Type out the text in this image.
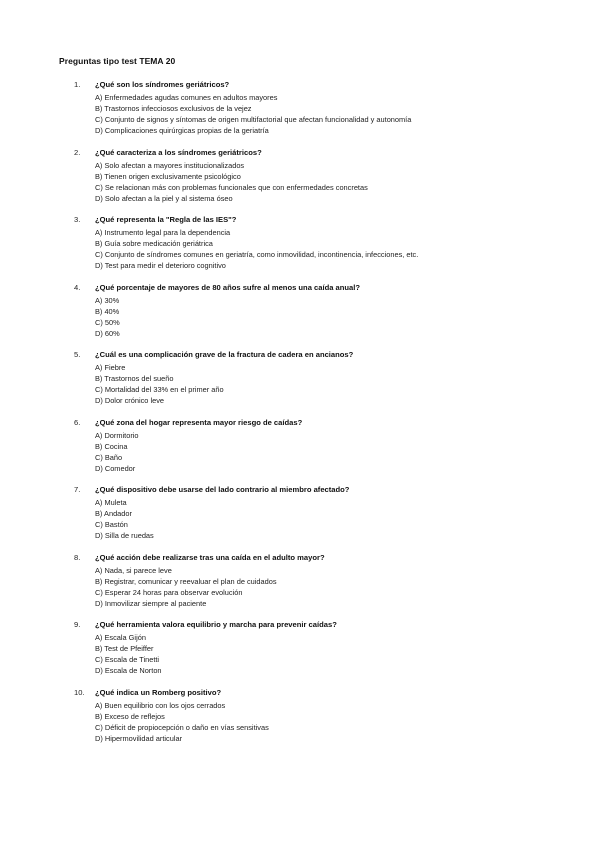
Preguntas tipo test TEMA 20
1.	¿Qué son los síndromes geriátricos?
A) Enfermedades agudas comunes en adultos mayores
B) Trastornos infecciosos exclusivos de la vejez
C) Conjunto de signos y síntomas de origen multifactorial que afectan funcionalidad y autonomía
D) Complicaciones quirúrgicas propias de la geriatría
2.	¿Qué caracteriza a los síndromes geriátricos?
A) Solo afectan a mayores institucionalizados
B) Tienen origen exclusivamente psicológico
C) Se relacionan más con problemas funcionales que con enfermedades concretas
D) Solo afectan a la piel y al sistema óseo
3.	¿Qué representa la "Regla de las IES"?
A) Instrumento legal para la dependencia
B) Guía sobre medicación geriátrica
C) Conjunto de síndromes comunes en geriatría, como inmovilidad, incontinencia, infecciones, etc.
D) Test para medir el deterioro cognitivo
4.	¿Qué porcentaje de mayores de 80 años sufre al menos una caída anual?
A) 30%
B) 40%
C) 50%
D) 60%
5.	¿Cuál es una complicación grave de la fractura de cadera en ancianos?
A) Fiebre
B) Trastornos del sueño
C) Mortalidad del 33% en el primer año
D) Dolor crónico leve
6.	¿Qué zona del hogar representa mayor riesgo de caídas?
A) Dormitorio
B) Cocina
C) Baño
D) Comedor
7.	¿Qué dispositivo debe usarse del lado contrario al miembro afectado?
A) Muleta
B) Andador
C) Bastón
D) Silla de ruedas
8.	¿Qué acción debe realizarse tras una caída en el adulto mayor?
A) Nada, si parece leve
B) Registrar, comunicar y reevaluar el plan de cuidados
C) Esperar 24 horas para observar evolución
D) Inmovilizar siempre al paciente
9.	¿Qué herramienta valora equilibrio y marcha para prevenir caídas?
A) Escala Gijón
B) Test de Pfeiffer
C) Escala de Tinetti
D) Escala de Norton
10.	¿Qué indica un Romberg positivo?
A) Buen equilibrio con los ojos cerrados
B) Exceso de reflejos
C) Déficit de propiocepción o daño en vías sensitivas
D) Hipermovilidad articular
